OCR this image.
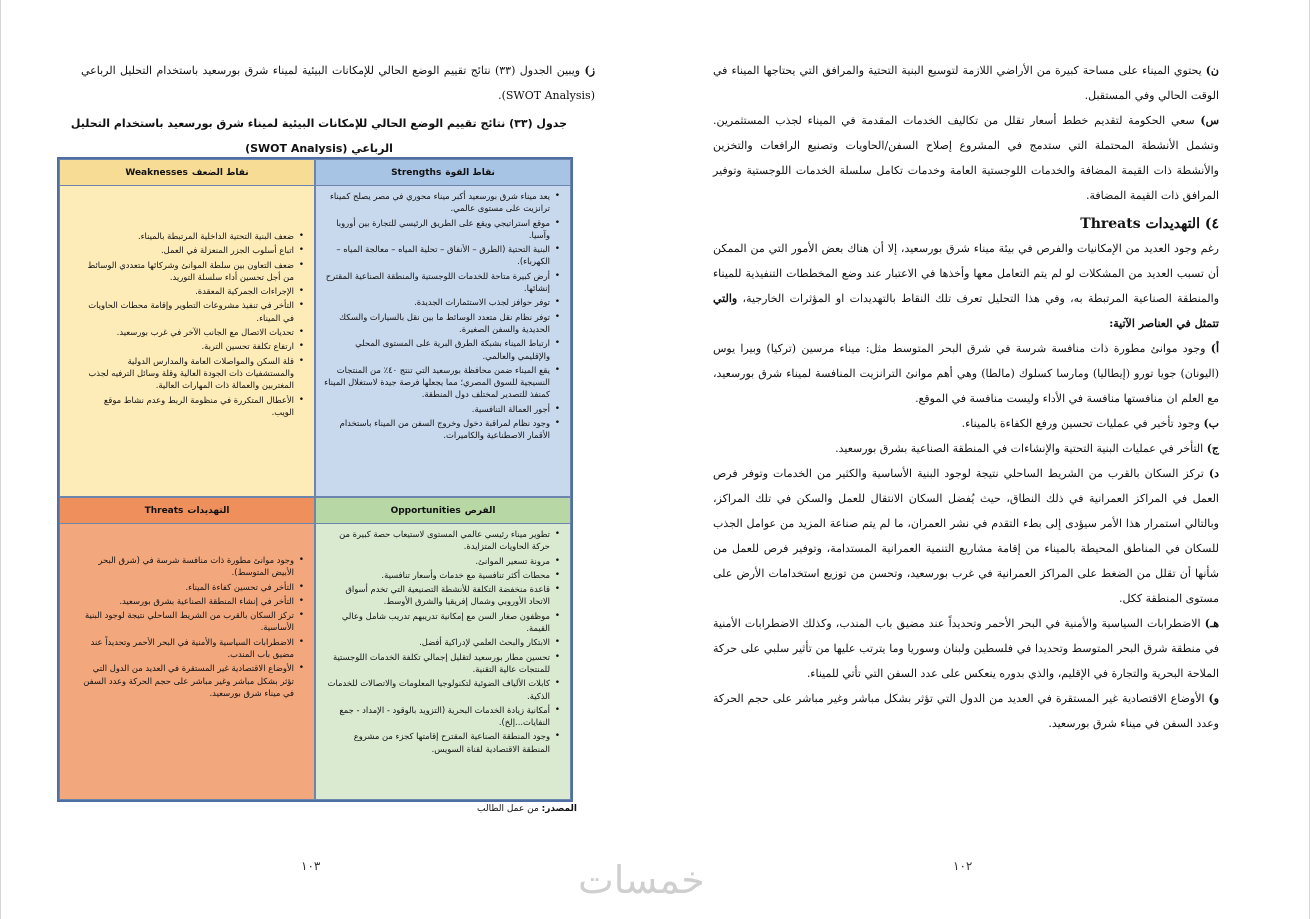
ز) ويبين الجدول (٣٣) نتائج تقييم الوضع الحالي للإمكانات البيئية لميناء شرق بورسعيد باستخدام التحليل الرباعي (SWOT Analysis).

جدول (٣٣) نتائج تقييم الوضع الحالي للإمكانات البيئية لميناء شرق بورسعيد باستخدام التحليل الرباعي (SWOT Analysis)
نقاط القوة
Strengths
• يعد ميناء شرق بورسعيد أكبر ميناء محوري في مصر يصلح كميناء ترانزيت على مستوى عالمي.
• موقع استراتيجي ويقع على الطريق الرئيسي للتجارة بين أوروبا وآسيا.
• البنية التحتية (الطرق – الأنفاق – تحلية المياه – معالجة المياه – الكهرباء).
• أرض كبيرة متاحة للخدمات اللوجستية والمنطقة الصناعية المقترح إنشائها.
• توفر حوافز لجذب الاستثمارات الجديدة.
• توفر نظام نقل متعدد الوسائط ما بين نقل بالسيارات والسكك الحديدية والسفن الصغيرة.
• ارتباط الميناء بشبكة الطرق البرية على المستوى المحلي والإقليمي والعالمي.
• يقع الميناء ضمن محافظة بورسعيد التي تنتج ٤٠٪ من المنتجات النسيجية للسوق المصري؛ مما يجعلها فرصة جيدة لاستغلال الميناء كمنفذ للتصدير لمختلف دول المنطقة.
• أجور العمالة التنافسية.
• وجود نظام لمراقبة دخول وخروج السفن من الميناء باستخدام الأقمار الاصطناعية والكاميرات.
نقاط الضعف
Weaknesses
• ضعف البنية التحتية الداخلية المرتبطة بالميناء.
• اتباع أسلوب الجزر المنعزلة في العمل.
• ضعف التعاون بين سلطة الموانئ وشركائها متعددي الوسائط من أجل تحسين أداء سلسلة التوريد.
• الإجراءات الجمركية المعقدة.
• التأخر في تنفيذ مشروعات التطوير وإقامة محطات الحاويات في الميناء.
• تحديات الاتصال مع الجانب الآخر في غرب بورسعيد.
• ارتفاع تكلفة تحسين التربة.
• قلة السكن والمواصلات العامة والمدارس الدولية والمستشفيات ذات الجودة العالية وقلة وسائل الترفيه لجذب المغتربين والعمالة ذات المهارات العالية.
• الأعطال المتكررة في منظومة الربط وعدم نشاط موقع الويب.
الفرص
Opportunities
• تطوير ميناء رئيسي عالمي المستوى لاستيعاب حصة كبيرة من حركة الحاويات المتزايدة.
• مرونة تسعير الموانئ.
• محطات أكثر تنافسية مع خدمات وأسعار تنافسية.
• قاعدة منخفضة التكلفة للأنشطة التصنيعية التي تخدم أسواق الاتحاد الأوروبي وشمال إفريقيا والشرق الأوسط.
• موظفون صغار السن مع إمكانية تدريبهم تدريب شامل وعالي القيمة.
• الابتكار والبحث العلمي لإدراكية أفضل.
• تحسين مطار بورسعيد لتقليل إجمالي تكلفة الخدمات اللوجستية للمنتجات عالية التقنية.
• كابلات الألياف الضوئية لتكنولوجيا المعلومات والاتصالات للخدمات الذكية.
• أمكانية زيادة الخدمات البحرية (التزويد بالوقود - الإمداد - جمع النفايات...إلخ).
• وجود المنطقة الصناعية المقترح إقامتها كجزء من مشروع المنطقة الاقتصادية لقناة السويس.
التهديدات
Threats
• وجود موانئ مطورة ذات منافسة شرسة في (شرق البحر الأبيض المتوسط).
• التأخر في تحسين كفاءة الميناء.
• التأخر في إنشاء المنطقة الصناعية بشرق بورسعيد.
• تركز السكان بالقرب من الشريط الساحلي نتيجة لوجود البنية الأساسية.
• الاضطرابات السياسية والأمنية في البحر الأحمر وتحديداً عند مضيق باب المندب.
• الأوضاع الاقتصادية غير المستقرة في العديد من الدول التي تؤثر بشكل مباشر وغير مباشر على حجم الحركة وعدد السفن في ميناء شرق بورسعيد.
المصدر: من عمل الطالب
١٠٣

ن) يحتوي الميناء على مساحة كبيرة من الأراضي اللازمة لتوسيع البنية التحتية والمرافق التي يحتاجها الميناء في الوقت الحالي وفي المستقبل.

س) سعي الحكومة لتقديم خطط أسعار تقلل من تكاليف الخدمات المقدمة في الميناء لجذب المستثمرين. وتشمل الأنشطة المحتملة التي ستدمج في المشروع إصلاح السفن/الحاويات وتصنيع الرافعات والتخزين والأنشطة ذات القيمة المضافة والخدمات اللوجستية العامة وخدمات تكامل سلسلة الخدمات اللوجستية وتوفير المرافق ذات القيمة المضافة.

٤) التهديدات Threats

رغم وجود العديد من الإمكانيات والفرص في بيئة ميناء شرق بورسعيد، إلا أن هناك بعض الأمور التي من الممكن أن تسبب العديد من المشكلات لو لم يتم التعامل معها وأخذها في الاعتبار عند وضع المخططات التنفيذية للميناء والمنطقة الصناعية المرتبطة به، وفي هذا التحليل تعرف تلك النقاط بالتهديدات او المؤثرات الخارجية، والتي تتمثل في العناصر الآتية:

أ) وجود موانئ مطورة ذات منافسة شرسة في شرق البحر المتوسط مثل: ميناء مرسين (تركيا) وبيرا يوس (اليونان) جويا تورو (إيطاليا) ومارسا كسلوك (مالطا) وهي أهم موانئ الترانزيت المنافسة لميناء شرق بورسعيد، مع العلم ان منافستها منافسة في الأداء وليست منافسة في الموقع.

ب) وجود تأخير في عمليات تحسين ورفع الكفاءة بالميناء.

ج) التأخر في عمليات البنية التحتية والإنشاءات في المنطقة الصناعية بشرق بورسعيد.

د) تركز السكان بالقرب من الشريط الساحلي نتيجة لوجود البنية الأساسية والكثير من الخدمات وتوفر فرص العمل في المراكز العمرانية في ذلك النطاق، حيث يُفضل السكان الانتقال للعمل والسكن في تلك المراكز، وبالتالي استمرار هذا الأمر سيؤدى إلى بطء التقدم في نشر العمران، ما لم يتم صناعة المزيد من عوامل الجذب للسكان في المناطق المحيطة بالميناء من إقامة مشاريع التنمية العمرانية المستدامة، وتوفير فرص للعمل من شأنها أن تقلل من الضغط على المراكز العمرانية في غرب بورسعيد، وتحسن من توزيع استخدامات الأرض على مستوى المنطقة ككل.

هـ) الاضطرابات السياسية والأمنية في البحر الأحمر وتحديداً عند مضيق باب المندب، وكذلك الاضطرابات الأمنية في منطقة شرق البحر المتوسط وتحديدا في فلسطين ولبنان وسوريا وما يترتب عليها من تأثير سلبي على حركة الملاحة البحرية والتجارة في الإقليم، والذي بدوره ينعكس على عدد السفن التي تأتي للميناء.

و) الأوضاع الاقتصادية غير المستقرة في العديد من الدول التي تؤثر بشكل مباشر وغير مباشر على حجم الحركة وعدد السفن في ميناء شرق بورسعيد.

١٠٢
خمسات
